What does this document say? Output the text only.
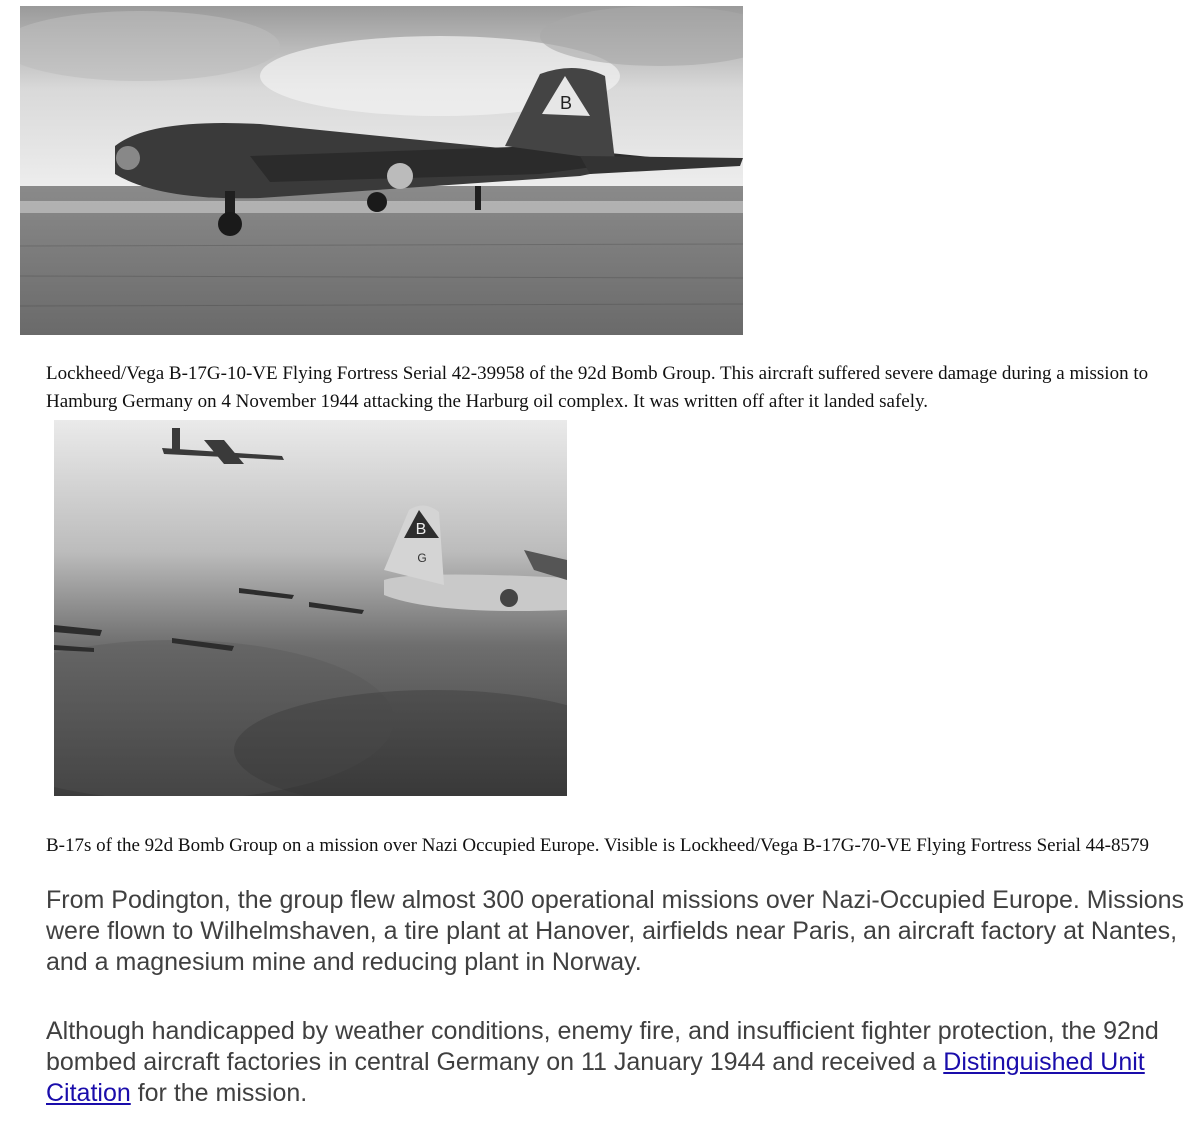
B

Lockheed/Vega B-17G-10-VE Flying Fortress Serial 42-39958 of the 92d Bomb Group. This aircraft suffered severe damage during a mission to Hamburg Germany on 4 November 1944 attacking the Harburg oil complex. It was written off after it landed safely.

B
G

B-17s of the 92d Bomb Group on a mission over Nazi Occupied Europe. Visible is Lockheed/Vega B-17G-70-VE Flying Fortress Serial 44-8579

From Podington, the group flew almost 300 operational missions over Nazi-Occupied Europe. Missions were flown to Wilhelmshaven, a tire plant at Hanover, airfields near Paris, an aircraft factory at Nantes, and a magnesium mine and reducing plant in Norway.

Although handicapped by weather conditions, enemy fire, and insufficient fighter protection, the 92nd bombed aircraft factories in central Germany on 11 January 1944 and received a Distinguished Unit Citation for the mission.
